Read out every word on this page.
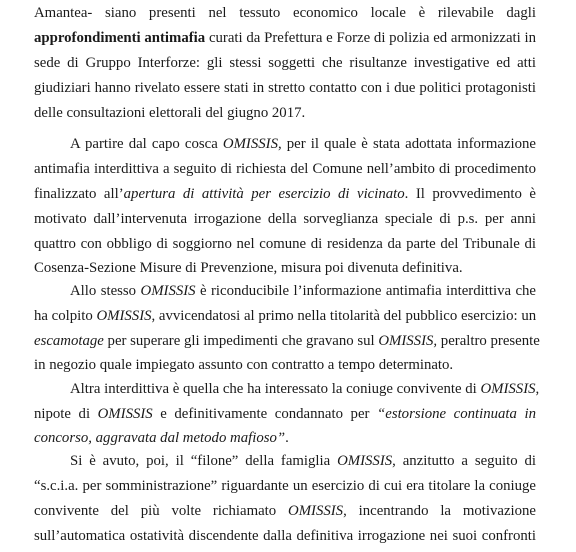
Amantea- siano presenti nel tessuto economico locale è rilevabile dagli
approfondimenti antimafia curati da Prefettura e Forze di polizia ed armonizzati in
sede di Gruppo Interforze: gli stessi soggetti che risultanze investigative ed atti
giudiziari hanno rivelato essere stati in stretto contatto con i due politici protagonisti
delle consultazioni elettorali del giugno 2017.
A partire dal capo cosca OMISSIS, per il quale è stata adottata informazione
antimafia interdittiva a seguito di richiesta del Comune nell’ambito di procedimento
finalizzato all’apertura di attività per esercizio di vicinato. Il provvedimento è
motivato dall’intervenuta irrogazione della sorveglianza speciale di p.s. per anni
quattro con obbligo di soggiorno nel comune di residenza da parte del Tribunale di
Cosenza-Sezione Misure di Prevenzione, misura poi divenuta definitiva.
Allo stesso OMISSIS è riconducibile l’informazione antimafia interdittiva che
ha colpito OMISSIS, avvicendatosi al primo nella titolarità del pubblico esercizio: un
escamotage per superare gli impedimenti che gravano sul OMISSIS, peraltro presente
in negozio quale impiegato assunto con contratto a tempo determinato.
Altra interdittiva è quella che ha interessato la coniuge convivente di OMISSIS,
nipote di OMISSIS e definitivamente condannato per “estorsione continuata in
concorso, aggravata dal metodo mafioso”.
Si è avuto, poi, il “filone” della famiglia OMISSIS, anzitutto a seguito di
“s.c.i.a. per somministrazione” riguardante un esercizio di cui era titolare la coniuge
convivente del più volte richiamato OMISSIS, incentrando la motivazione
sull’automatica ostatività discendente dalla definitiva irrogazione nei suoi confronti
